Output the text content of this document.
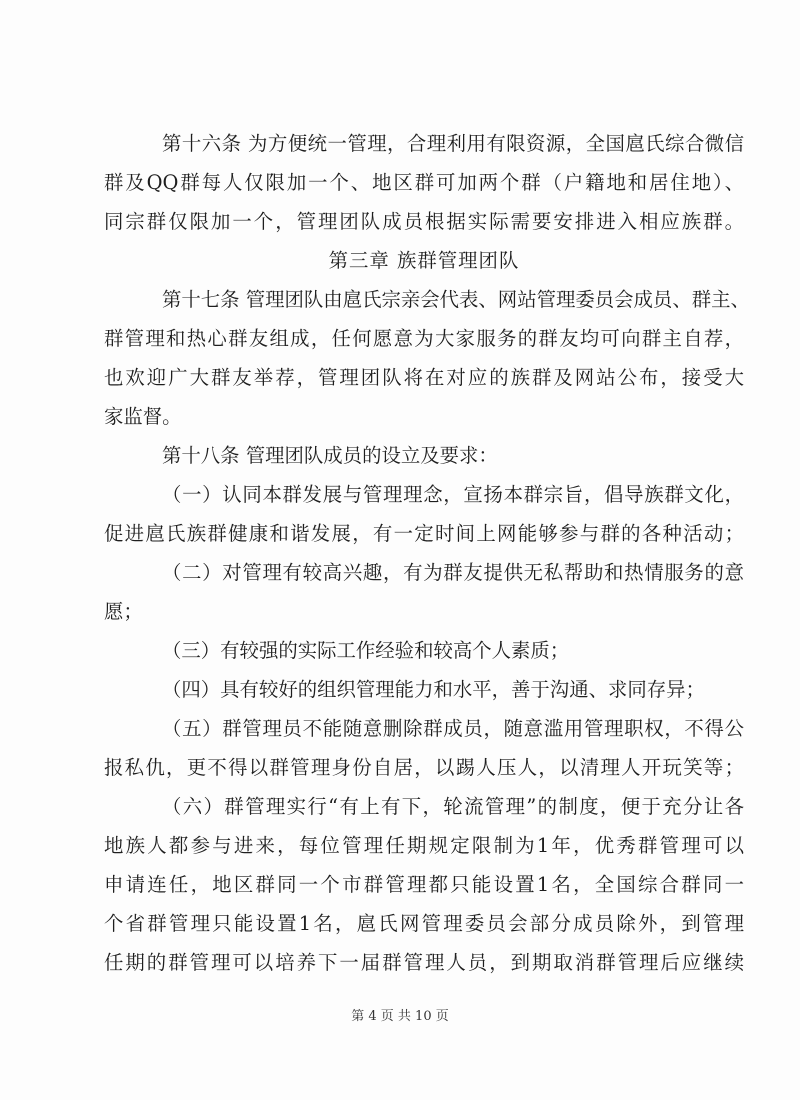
第十六条 为方便统一管理，合理利用有限资源，全国扈氏综合微信
群及QQ群每人仅限加一个、地区群可加两个群（户籍地和居住地）、
同宗群仅限加一个，管理团队成员根据实际需要安排进入相应族群。
第三章 族群管理团队
第十七条 管理团队由扈氏宗亲会代表、网站管理委员会成员、群主、
群管理和热心群友组成，任何愿意为大家服务的群友均可向群主自荐，
也欢迎广大群友举荐，管理团队将在对应的族群及网站公布，接受大
家监督。
第十八条 管理团队成员的设立及要求：
（一）认同本群发展与管理理念，宣扬本群宗旨，倡导族群文化，
促进扈氏族群健康和谐发展，有一定时间上网能够参与群的各种活动；
（二）对管理有较高兴趣，有为群友提供无私帮助和热情服务的意
愿；
（三）有较强的实际工作经验和较高个人素质；
（四）具有较好的组织管理能力和水平，善于沟通、求同存异；
（五）群管理员不能随意删除群成员，随意滥用管理职权，不得公
报私仇，更不得以群管理身份自居，以踢人压人，以清理人开玩笑等；
（六）群管理实行“有上有下，轮流管理”的制度，便于充分让各
地族人都参与进来，每位管理任期规定限制为1年，优秀群管理可以
申请连任，地区群同一个市群管理都只能设置1名，全国综合群同一
个省群管理只能设置1名，扈氏网管理委员会部分成员除外，到管理
任期的群管理可以培养下一届群管理人员，到期取消群管理后应继续
第 4 页 共 10 页
